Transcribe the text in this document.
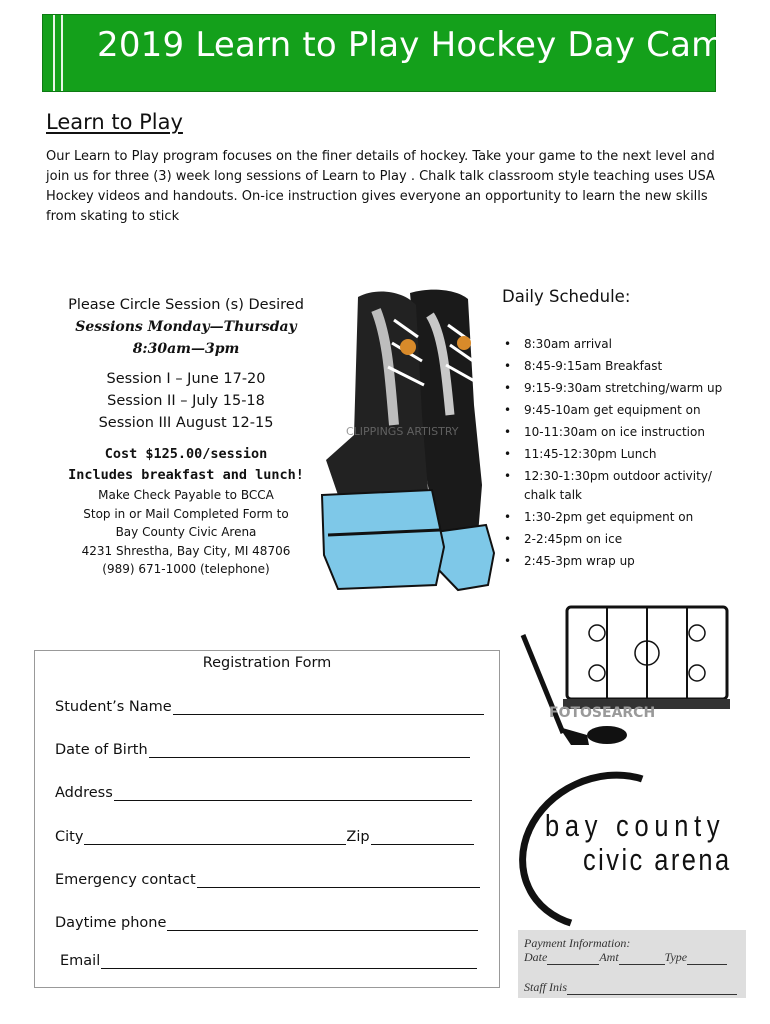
2019 Learn to Play Hockey Day Camp
Learn to Play
Our Learn to Play program focuses on the finer details of hockey. Take your game to the next level and join us for three (3) week long sessions of Learn to Play . Chalk talk classroom style teaching uses USA Hockey videos and handouts. On-ice instruction gives everyone an opportunity to learn the new skills from skating to stick
Please Circle Session (s) Desired
Sessions Monday—Thursday
8:30am—3pm
Session I – June 17-20
Session II – July 15-18
Session III August 12-15
Cost $125.00/session
Includes breakfast and lunch!
Make Check Payable to BCCA
Stop in or Mail Completed Form to
Bay County Civic Arena
4231 Shrestha, Bay City, MI 48706
(989) 671-1000 (telephone)
CLIPPINGS ARTISTRY
Daily Schedule:
• 8:30am arrival
• 8:45-9:15am Breakfast
• 9:15-9:30am stretching/warm up
• 9:45-10am get equipment on
• 10-11:30am on ice instruction
• 11:45-12:30pm Lunch
• 12:30-1:30pm outdoor activity/ chalk talk
• 1:30-2pm get equipment on
• 2-2:45pm on ice
• 2:45-3pm wrap up
FOTOSEARCH
bay county
civic arena
Registration Form
Student’s Name
Date of Birth
Address
City	Zip
Emergency contact
Daytime phone
Email
Payment Information:
Date	Amt	Type
Staff Inis
